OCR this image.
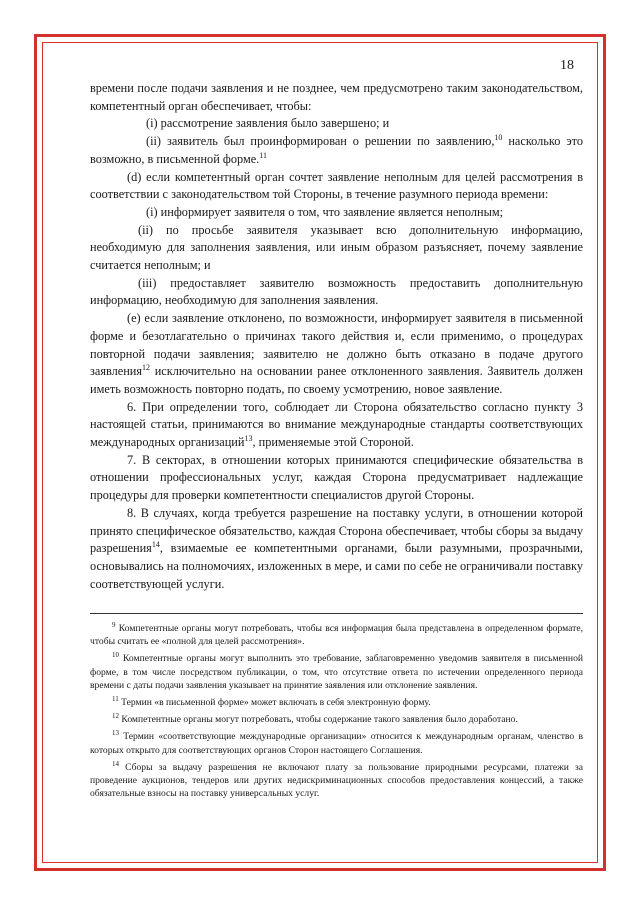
18

времени после подачи заявления и не позднее, чем предусмотрено таким законодательством, компетентный орган обеспечивает, чтобы:

(i) рассмотрение заявления было завершено; и

(ii) заявитель был проинформирован о решении по заявлению,$^{10}$ насколько это возможно, в письменной форме.$^{11}$

(d) если компетентный орган сочтет заявление неполным для целей рассмотрения в соответствии с законодательством той Стороны, в течение разумного периода времени:

(i) информирует заявителя о том, что заявление является неполным;

(ii) по просьбе заявителя указывает всю дополнительную информацию, необходимую для заполнения заявления, или иным образом разъясняет, почему заявление считается неполным; и

(iii) предоставляет заявителю возможность предоставить дополнительную информацию, необходимую для заполнения заявления.

(e) если заявление отклонено, по возможности, информирует заявителя в письменной форме и безотлагательно о причинах такого действия и, если применимо, о процедурах повторной подачи заявления; заявителю не должно быть отказано в подаче другого заявления$^{12}$ исключительно на основании ранее отклоненного заявления. Заявитель должен иметь возможность повторно подать, по своему усмотрению, новое заявление.

6. При определении того, соблюдает ли Сторона обязательство согласно пункту 3 настоящей статьи, принимаются во внимание международные стандарты соответствующих международных организаций$^{13}$, применяемые этой Стороной.

7. В секторах, в отношении которых принимаются специфические обязательства в отношении профессиональных услуг, каждая Сторона предусматривает надлежащие процедуры для проверки компетентности специалистов другой Стороны.

8. В случаях, когда требуется разрешение на поставку услуги, в отношении которой принято специфическое обязательство, каждая Сторона обеспечивает, чтобы сборы за выдачу разрешения$^{14}$, взимаемые ее компетентными органами, были разумными, прозрачными, основывались на полномочиях, изложенных в мере, и сами по себе не ограничивали поставку соответствующей услуги.

$^9$ Компетентные органы могут потребовать, чтобы вся информация была представлена в определенном формате, чтобы считать ее «полной для целей рассмотрения».

$^{10}$ Компетентные органы могут выполнить это требование, заблаговременно уведомив заявителя в письменной форме, в том числе посредством публикации, о том, что отсутствие ответа по истечении определенного периода времени с даты подачи заявления указывает на принятие заявления или отклонение заявления.

$^{11}$ Термин «в письменной форме» может включать в себя электронную форму.

$^{12}$ Компетентные органы могут потребовать, чтобы содержание такого заявления было доработано.

$^{13}$ Термин «соответствующие международные организации» относится к международным органам, членство в которых открыто для соответствующих органов Сторон настоящего Соглашения.

$^{14}$ Сборы за выдачу разрешения не включают плату за пользование природными ресурсами, платежи за проведение аукционов, тендеров или других недискриминационных способов предоставления концессий, а также обязательные взносы на поставку универсальных услуг.
